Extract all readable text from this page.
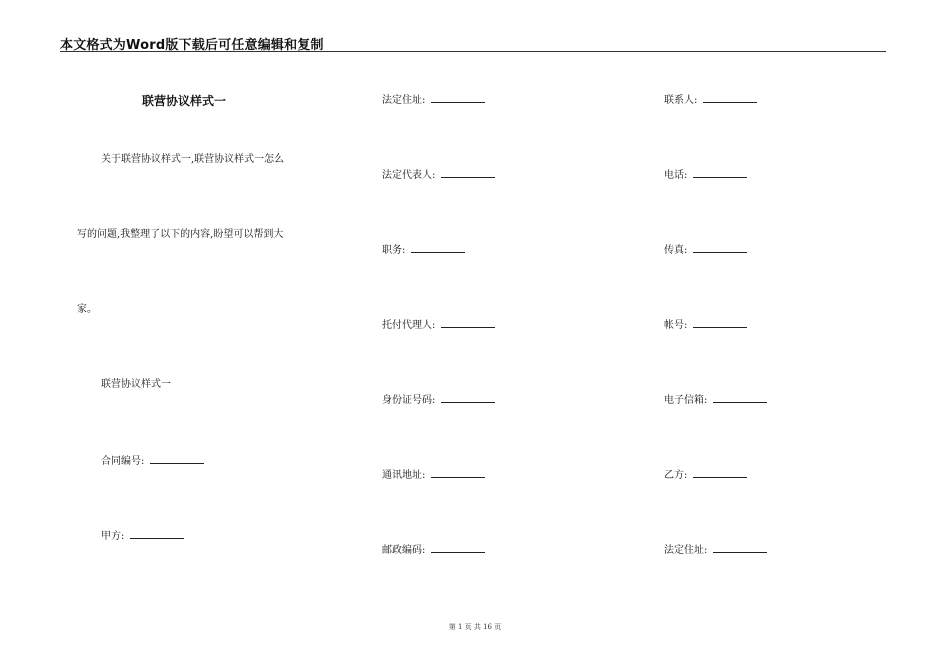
本文格式为Word版下载后可任意编辑和复制
联营协议样式一
关于联营协议样式一,联营协议样式一怎么
写的问题,我整理了以下的内容,盼望可以帮到大
家。
联营协议样式一
合同编号:
甲方:
法定住址:
法定代表人:
职务:
托付代理人:
身份证号码:
通讯地址:
邮政编码:
联系人:
电话:
传真:
帐号:
电子信箱:
乙方:
法定住址:
第 1 页 共 16 页
